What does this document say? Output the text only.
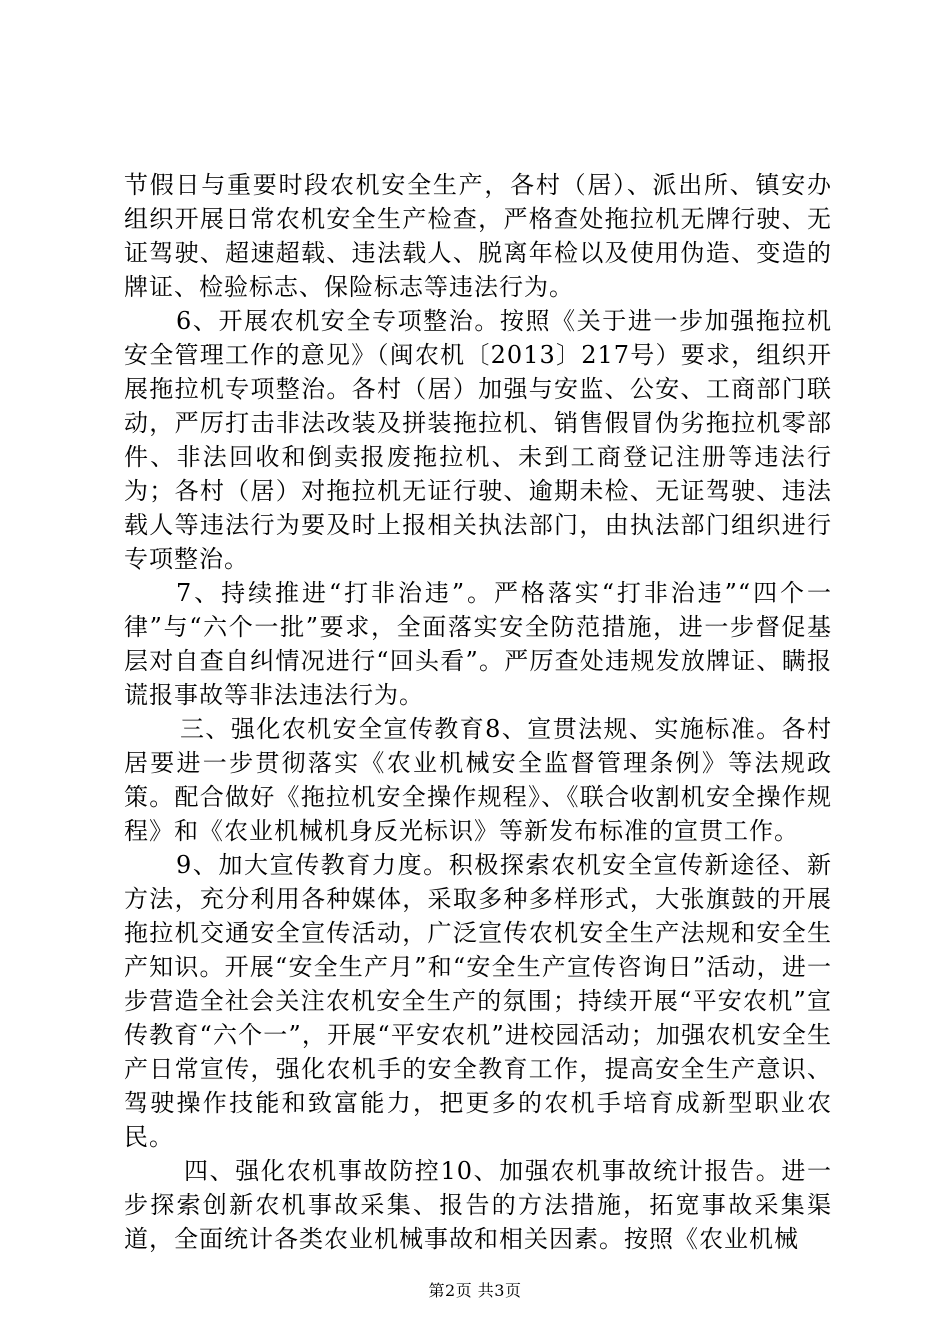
节假日与重要时段农机安全生产，各村（居）、派出所、镇安办组织开展日常农机安全生产检查，严格查处拖拉机无牌行驶、无证驾驶、超速超载、违法载人、脱离年检以及使用伪造、变造的牌证、检验标志、保险标志等违法行为。

6、开展农机安全专项整治。按照《关于进一步加强拖拉机安全管理工作的意见》（闽农机〔2013〕217号）要求，组织开展拖拉机专项整治。各村（居）加强与安监、公安、工商部门联动，严厉打击非法改装及拼装拖拉机、销售假冒伪劣拖拉机零部件、非法回收和倒卖报废拖拉机、未到工商登记注册等违法行为；各村（居）对拖拉机无证行驶、逾期未检、无证驾驶、违法载人等违法行为要及时上报相关执法部门，由执法部门组织进行专项整治。

7、持续推进“打非治违”。严格落实“打非治违”“四个一律”与“六个一批”要求，全面落实安全防范措施，进一步督促基层对自查自纠情况进行“回头看”。严厉查处违规发放牌证、瞒报谎报事故等非法违法行为。

三、强化农机安全宣传教育8、宣贯法规、实施标准。各村居要进一步贯彻落实《农业机械安全监督管理条例》等法规政策。配合做好《拖拉机安全操作规程》、《联合收割机安全操作规程》和《农业机械机身反光标识》等新发布标准的宣贯工作。

9、加大宣传教育力度。积极探索农机安全宣传新途径、新方法，充分利用各种媒体，采取多种多样形式，大张旗鼓的开展拖拉机交通安全宣传活动，广泛宣传农机安全生产法规和安全生产知识。开展“安全生产月”和“安全生产宣传咨询日”活动，进一步营造全社会关注农机安全生产的氛围；持续开展“平安农机”宣传教育“六个一”，开展“平安农机”进校园活动；加强农机安全生产日常宣传，强化农机手的安全教育工作，提高安全生产意识、驾驶操作技能和致富能力，把更多的农机手培育成新型职业农民。

四、强化农机事故防控10、加强农机事故统计报告。进一步探索创新农机事故采集、报告的方法措施，拓宽事故采集渠道，全面统计各类农业机械事故和相关因素。按照《农业机械

第2页 共3页
